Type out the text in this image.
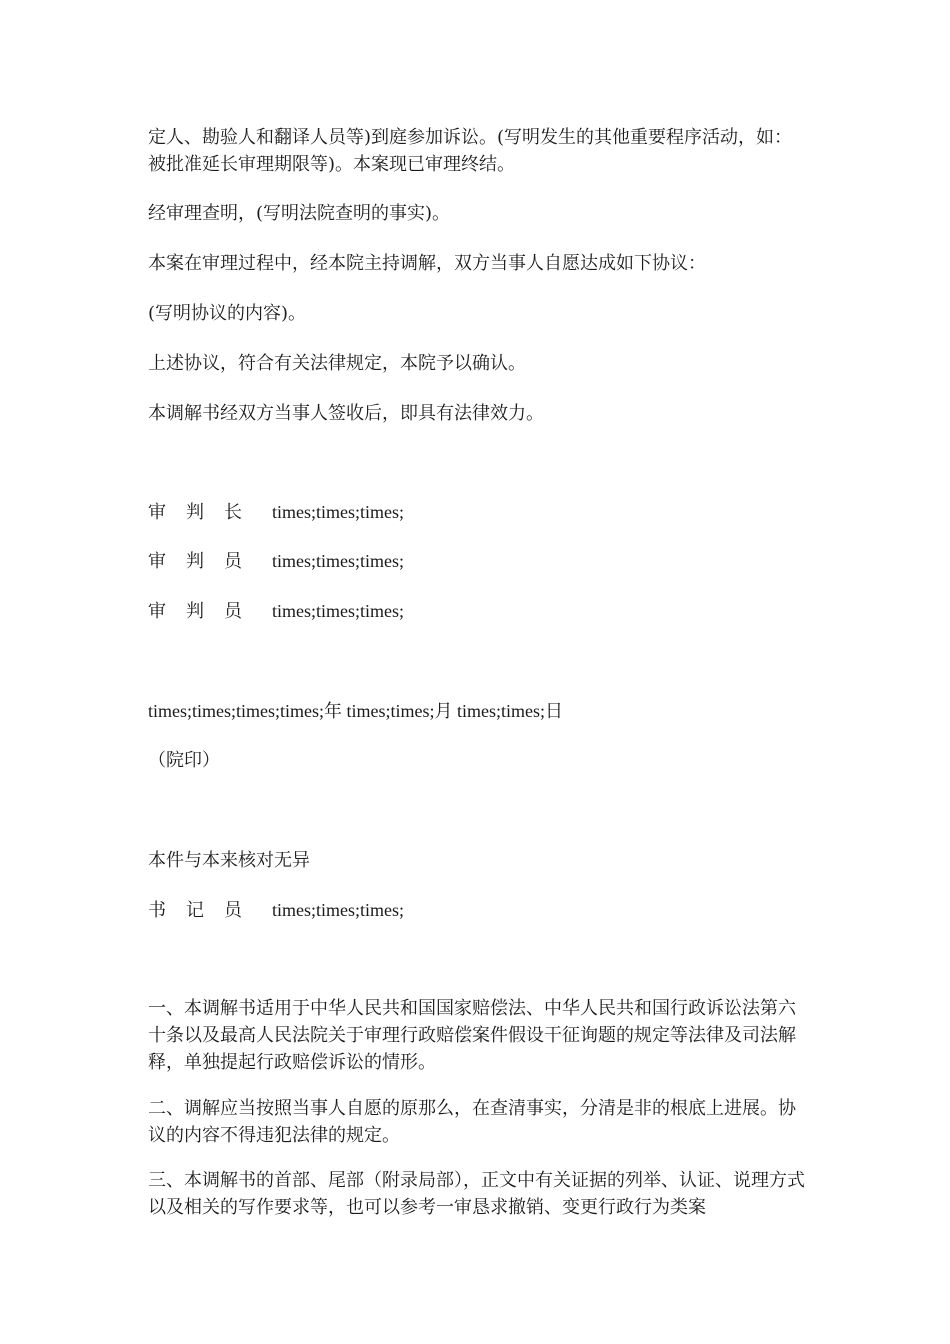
定人、勘验人和翻译人员等)到庭参加诉讼。(写明发生的其他重要程序活动，如：被批准延长审理期限等)。本案现已审理终结。
经审理查明，(写明法院查明的事实)。
本案在审理过程中，经本院主持调解，双方当事人自愿达成如下协议：
(写明协议的内容)。
上述协议，符合有关法律规定，本院予以确认。
本调解书经双方当事人签收后，即具有法律效力。
审	判	长 times;times;times;
审	判	员 times;times;times;
审	判	员 times;times;times;
times;times;times;times;年 times;times;月 times;times;日
（院印）
本件与本来核对无异
书	记	员 times;times;times;
一、本调解书适用于中华人民共和国国家赔偿法、中华人民共和国行政诉讼法第六十条以及最高人民法院关于审理行政赔偿案件假设干征询题的规定等法律及司法解释，单独提起行政赔偿诉讼的情形。
二、调解应当按照当事人自愿的原那么，在查清事实，分清是非的根底上进展。协议的内容不得违犯法律的规定。
三、本调解书的首部、尾部（附录局部），正文中有关证据的列举、认证、说理方式以及相关的写作要求等，也可以参考一审恳求撤销、变更行政行为类案
